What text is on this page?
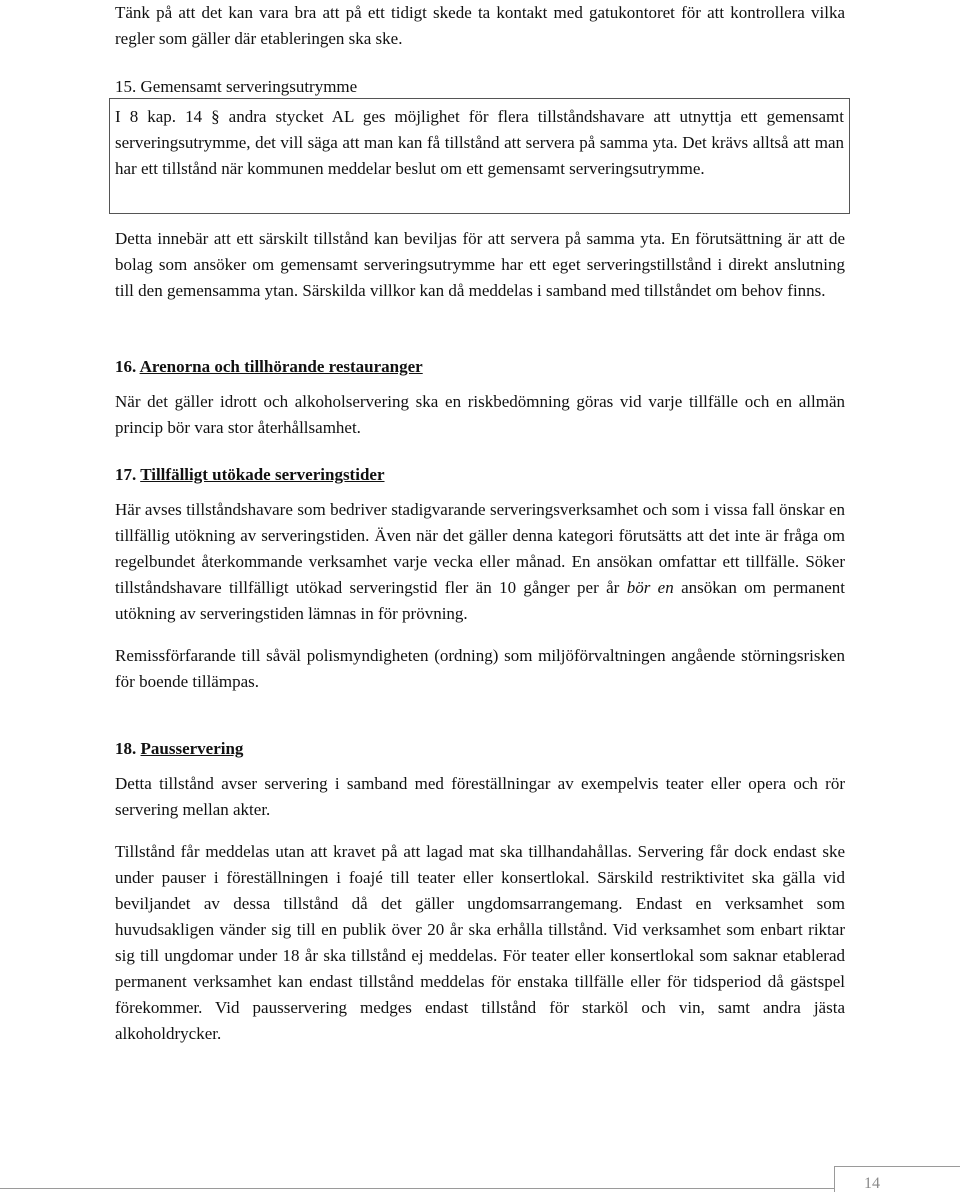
Tänk på att det kan vara bra att på ett tidigt skede ta kontakt med gatukontoret för att kontrollera vilka regler som gäller där etableringen ska ske.

15. Gemensamt serveringsutrymme

I 8 kap. 14 § andra stycket AL ges möjlighet för flera tillståndshavare att utnyttja ett gemensamt serveringsutrymme, det vill säga att man kan få tillstånd att servera på samma yta. Det krävs alltså att man har ett tillstånd när kommunen meddelar beslut om ett gemensamt serveringsutrymme.

Detta innebär att ett särskilt tillstånd kan beviljas för att servera på samma yta. En förutsättning är att de bolag som ansöker om gemensamt serveringsutrymme har ett eget serveringstillstånd i direkt anslutning till den gemensamma ytan. Särskilda villkor kan då meddelas i samband med tillståndet om behov finns.

16. Arenorna och tillhörande restauranger

När det gäller idrott och alkoholservering ska en riskbedömning göras vid varje tillfälle och en allmän princip bör vara stor återhållsamhet.

17. Tillfälligt utökade serveringstider

Här avses tillståndshavare som bedriver stadigvarande serveringsverksamhet och som i vissa fall önskar en tillfällig utökning av serveringstiden. Även när det gäller denna kategori förutsätts att det inte är fråga om regelbundet återkommande verksamhet varje vecka eller månad. En ansökan omfattar ett tillfälle. Söker tillståndshavare tillfälligt utökad serveringstid fler än 10 gånger per år bör en ansökan om permanent utökning av serveringstiden lämnas in för prövning.

Remissförfarande till såväl polismyndigheten (ordning) som miljöförvaltningen angående störningsrisken för boende tillämpas.

18. Pausservering

Detta tillstånd avser servering i samband med föreställningar av exempelvis teater eller opera och rör servering mellan akter.

Tillstånd får meddelas utan att kravet på att lagad mat ska tillhandahållas. Servering får dock endast ske under pauser i föreställningen i foajé till teater eller konsertlokal. Särskild restriktivitet ska gälla vid beviljandet av dessa tillstånd då det gäller ungdomsarrangemang. Endast en verksamhet som huvudsakligen vänder sig till en publik över 20 år ska erhålla tillstånd. Vid verksamhet som enbart riktar sig till ungdomar under 18 år ska tillstånd ej meddelas. För teater eller konsertlokal som saknar etablerad permanent verksamhet kan endast tillstånd meddelas för enstaka tillfälle eller för tidsperiod då gästspel förekommer. Vid pausservering medges endast tillstånd för starköl och vin, samt andra jästa alkoholdrycker.

14
